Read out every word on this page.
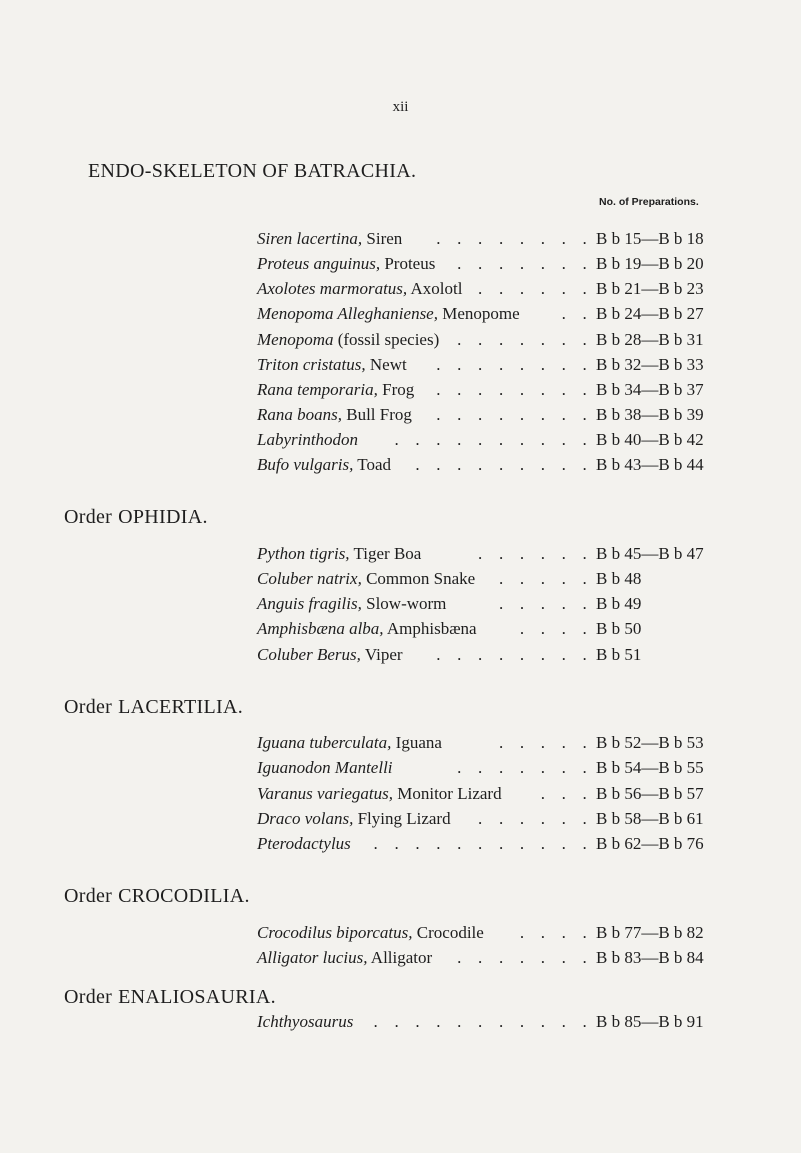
xii
ENDO-SKELETON OF BATRACHIA.
No. of Preparations.
Siren lacertina, Siren . . . . . . . . B b 15—B b 18
Proteus anguinus, Proteus . . . . . . . B b 19—B b 20
Axolotes marmoratus, Axolotl . . . . . . B b 21—B b 23
Menopoma Alleghaniense, Menopome . . B b 24—B b 27
Menopoma (fossil species) . . . . . . . B b 28—B b 31
Triton cristatus, Newt . . . . . . . . B b 32—B b 33
Rana temporaria, Frog . . . . . . . . B b 34—B b 37
Rana boans, Bull Frog . . . . . . . . B b 38—B b 39
Labyrinthodon . . . . . . . . . . B b 40—B b 42
Bufo vulgaris, Toad . . . . . . . . . B b 43—B b 44
Order OPHIDIA.
Python tigris, Tiger Boa	. . . . . . B b 45—B b 47
Coluber natrix, Common Snake . . . . . B b 48
Anguis fragilis, Slow-worm	. . . . . B b 49
Amphisbæna alba, Amphisbæna	. . . . B b 50
Coluber Berus, Viper . . . . . . . . B b 51
Order LACERTILIA.
Iguana tuberculata, Iguana	. . . . . B b 52—B b 53
Iguanodon Mantelli	. . . . . . . B b 54—B b 55
Varanus variegatus, Monitor Lizard . . . B b 56—B b 57
Draco volans, Flying Lizard . . . . . . B b 58—B b 61
Pterodactylus . . . . . . . . . . . B b 62—B b 76
Order CROCODILIA.
Crocodilus biporcatus, Crocodile . . . . B b 77—B b 82
Alligator lucius, Alligator . . . . . . . B b 83—B b 84
Order ENALIOSAURIA.
Ichthyosaurus . . . . . . . . . . . B b 85—B b 91
